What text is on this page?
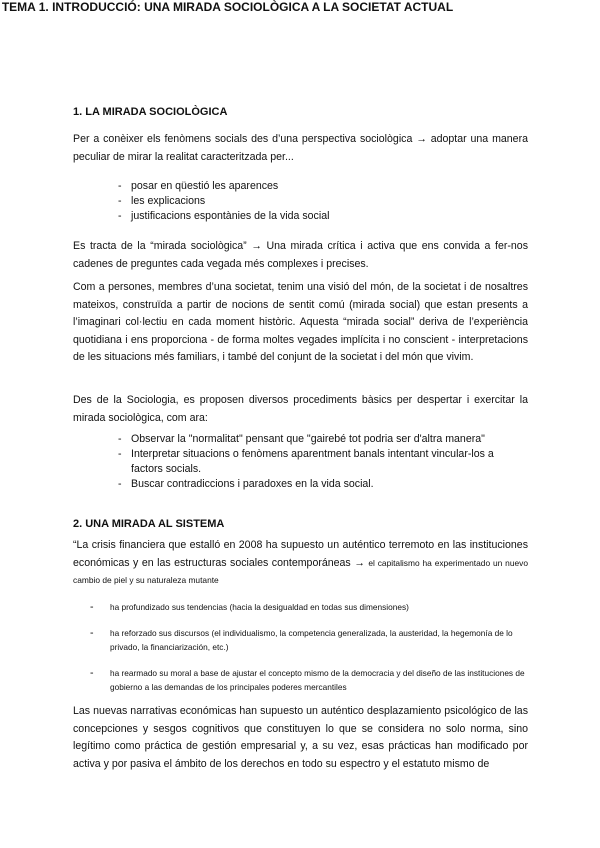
TEMA 1. INTRODUCCIÓ: UNA MIRADA SOCIOLÒGICA A LA SOCIETAT ACTUAL
1. LA MIRADA SOCIOLÒGICA
Per a conèixer els fenòmens socials des d’una perspectiva sociològica → adoptar una manera peculiar de mirar la realitat caracteritzada per...
- posar en qüestió les aparences
- les explicacions
- justificacions espontànies de la vida social
Es tracta de la “mirada sociològica” → Una mirada crítica i activa que ens convida a fer-nos cadenes de preguntes cada vegada més complexes i precises.
Com a persones, membres d’una societat, tenim una visió del món, de la societat i de nosaltres mateixos, construïda a partir de nocions de sentit comú (mirada social) que estan presents a l’imaginari col·lectiu en cada moment històric. Aquesta “mirada social” deriva de l’experiència quotidiana i ens proporciona - de forma moltes vegades implícita i no conscient - interpretacions de les situacions més familiars, i també del conjunt de la societat i del món que vivim.
Des de la Sociologia, es proposen diversos procediments bàsics per despertar i exercitar la mirada sociològica, com ara:
- Observar la "normalitat" pensant que "gairebé tot podria ser d'altra manera"
- Interpretar situacions o fenòmens aparentment banals intentant vincular-los a factors socials.
- Buscar contradiccions i paradoxes en la vida social.
2. UNA MIRADA AL SISTEMA
“La crisis financiera que estalló en 2008 ha supuesto un auténtico terremoto en las instituciones económicas y en las estructuras sociales contemporáneas → el capitalismo ha experimentado un nuevo cambio de piel y su naturaleza mutante
- ha profundizado sus tendencias (hacia la desigualdad en todas sus dimensiones)
- ha reforzado sus discursos (el individualismo, la competencia generalizada, la austeridad, la hegemonía de lo privado, la financiarización, etc.)
- ha rearmado su moral a base de ajustar el concepto mismo de la democracia y del diseño de las instituciones de gobierno a las demandas de los principales poderes mercantiles
Las nuevas narrativas económicas han supuesto un auténtico desplazamiento psicológico de las concepciones y sesgos cognitivos que constituyen lo que se considera no solo norma, sino legítimo como práctica de gestión empresarial y, a su vez, esas prácticas han modificado por activa y por pasiva el ámbito de los derechos en todo su espectro y el estatuto mismo de
